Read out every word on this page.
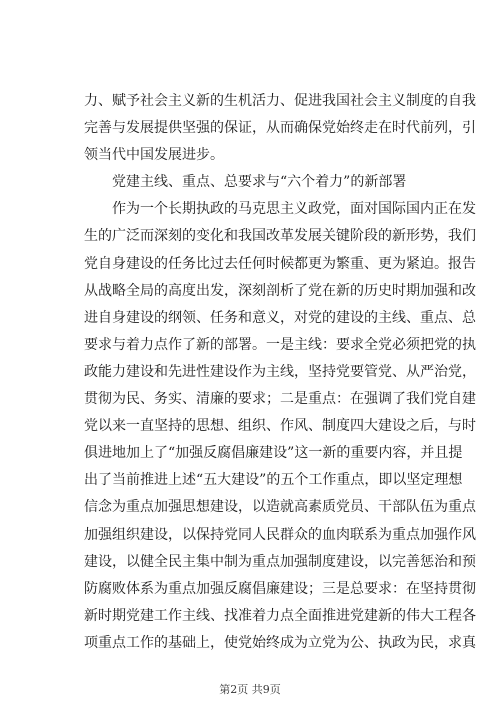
力、赋予社会主义新的生机活力、促进我国社会主义制度的自我
完善与发展提供坚强的保证，从而确保党始终走在时代前列，引
领当代中国发展进步。
党建主线、重点、总要求与“六个着力”的新部署
作为一个长期执政的马克思主义政党，面对国际国内正在发
生的广泛而深刻的变化和我国改革发展关键阶段的新形势，我们
党自身建设的任务比过去任何时候都更为繁重、更为紧迫。报告
从战略全局的高度出发，深刻剖析了党在新的历史时期加强和改
进自身建设的纲领、任务和意义，对党的建设的主线、重点、总
要求与着力点作了新的部署。一是主线：要求全党必须把党的执
政能力建设和先进性建设作为主线，坚持党要管党、从严治党，
贯彻为民、务实、清廉的要求；二是重点：在强调了我们党自建
党以来一直坚持的思想、组织、作风、制度四大建设之后，与时
俱进地加上了“加强反腐倡廉建设”这一新的重要内容，并且提
出了当前推进上述“五大建设”的五个工作重点，即以坚定理想
信念为重点加强思想建设，以造就高素质党员、干部队伍为重点
加强组织建设，以保持党同人民群众的血肉联系为重点加强作风
建设，以健全民主集中制为重点加强制度建设，以完善惩治和预
防腐败体系为重点加强反腐倡廉建设；三是总要求：在坚持贯彻
新时期党建工作主线、找准着力点全面推进党建新的伟大工程各
项重点工作的基础上，使党始终成为立党为公、执政为民，求真
第2页 共9页
